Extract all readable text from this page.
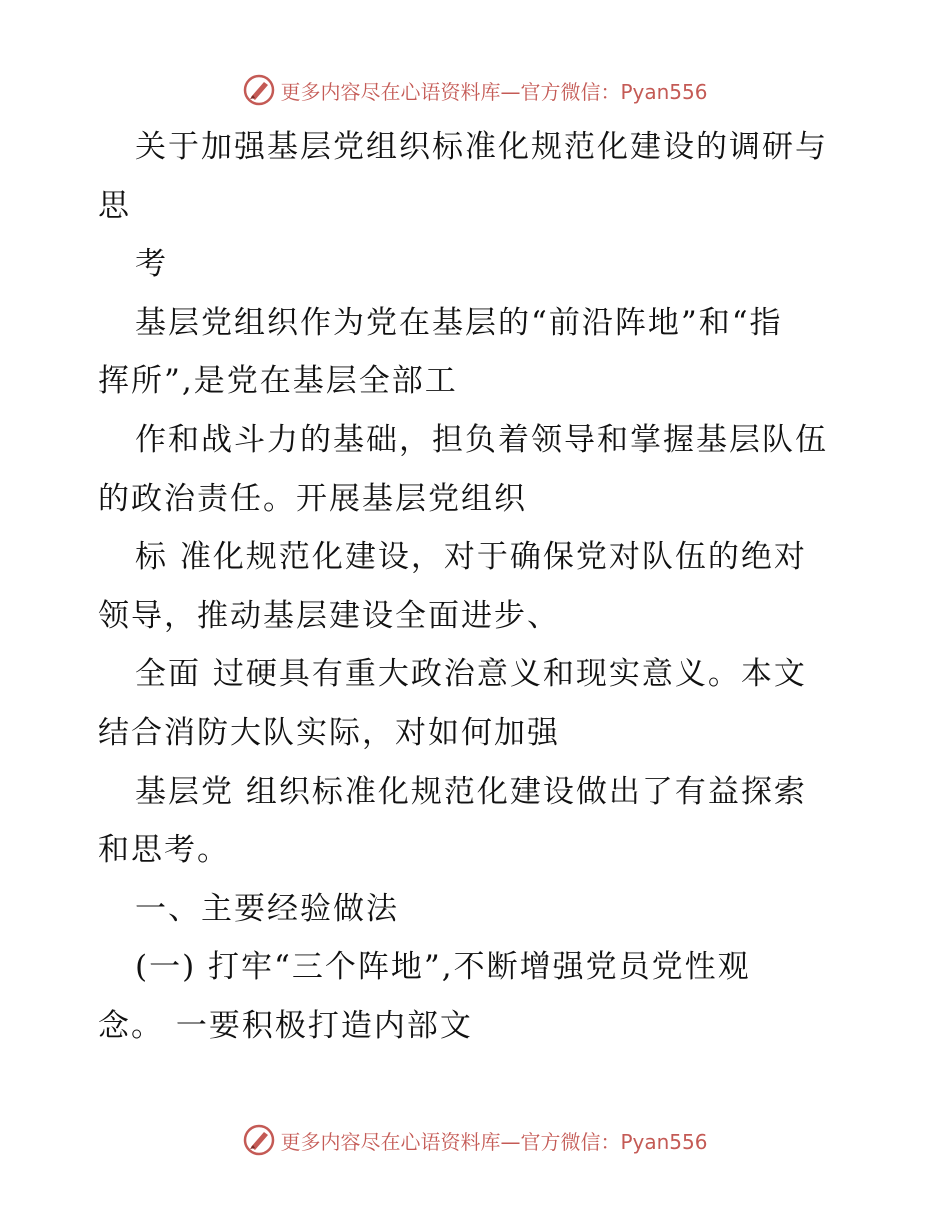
更多内容尽在心语资料库—官方微信：Pyan556
关于加强基层党组织标准化规范化建设的调研与
思
考
基层党组织作为党在基层的“前沿阵地”和“指
挥所”,是党在基层全部工
作和战斗力的基础，担负着领导和掌握基层队伍
的政治责任。开展基层党组织
标 准化规范化建设，对于确保党对队伍的绝对
领导，推动基层建设全面进步、
全面 过硬具有重大政治意义和现实意义。本文
结合消防大队实际，对如何加强
基层党 组织标准化规范化建设做出了有益探索
和思考。
一、主要经验做法
(一) 打牢“三个阵地”,不断增强党员党性观
念。 一要积极打造内部文
更多内容尽在心语资料库—官方微信：Pyan556
